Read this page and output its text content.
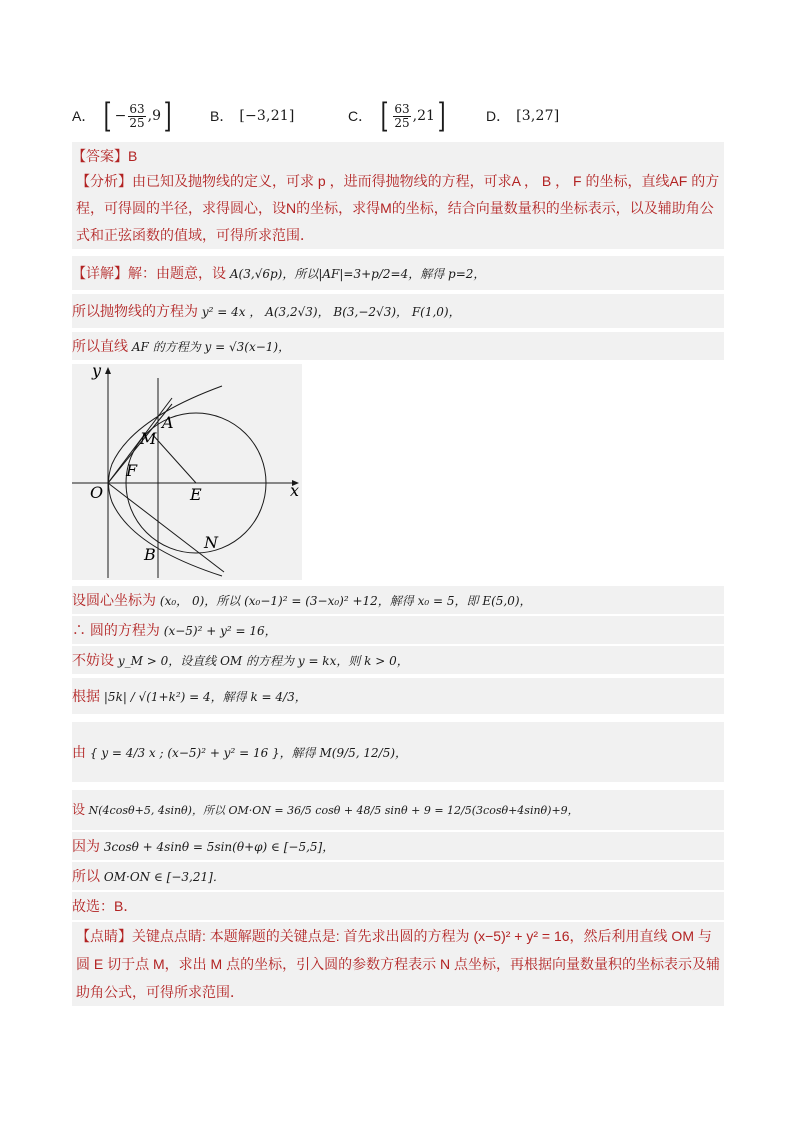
A． [ − $\frac{63}{25} ,9$ ]	B． [−3,21]	C． [ $\frac{63}{25} ,21$ ]	D． [3,27]
【答案】B
【分析】由已知及抛物线的定义，可求 p ，进而得抛物线的方程，可求A ， B ， F 的坐标，直线AF 的方程，可得圆的半径，求得圆心，设N的坐标，求得M的坐标，结合向量数量积的坐标表示，以及辅助角公式和正弦函数的值域，可得所求范围．
【详解】解：由题意，设 A(3,√6p)，所以|AF|=3+p/2=4，解得 p=2，
所以抛物线的方程为 y² = 4x ， A(3,2√3)， B(3,−2√3)， F(1,0)，
所以直线 AF 的方程为 y = √3(x−1)，
y
x
O
F
E
M
A
B
N
设圆心坐标为 (x₀， 0)，所以 (x₀−1)² = (3−x₀)² +12，解得 x₀ = 5，即 E(5,0)，
∴ 圆的方程为 (x−5)² + y² = 16，
不妨设 y_M > 0，设直线 OM 的方程为 y = kx，则 k > 0，
根据 |5k| / √(1+k²) = 4，解得 k = 4/3，
由 { y = 4/3 x ; (x−5)² + y² = 16 }，解得 M(9/5, 12/5)，
设 N(4cosθ+5, 4sinθ)，所以 OM·ON = 36/5 cosθ + 48/5 sinθ + 9 = 12/5(3cosθ+4sinθ)+9，
因为 3cosθ + 4sinθ = 5sin(θ+φ) ∈ [−5,5]，
所以 OM·ON ∈ [−3,21]．
故选：B．
【点睛】关键点点睛: 本题解题的关键点是: 首先求出圆的方程为 (x−5)² + y² = 16，然后利用直线 OM 与圆 E 切于点 M，求出 M 点的坐标，引入圆的参数方程表示 N 点坐标，再根据向量数量积的坐标表示及辅助角公式，可得所求范围．
